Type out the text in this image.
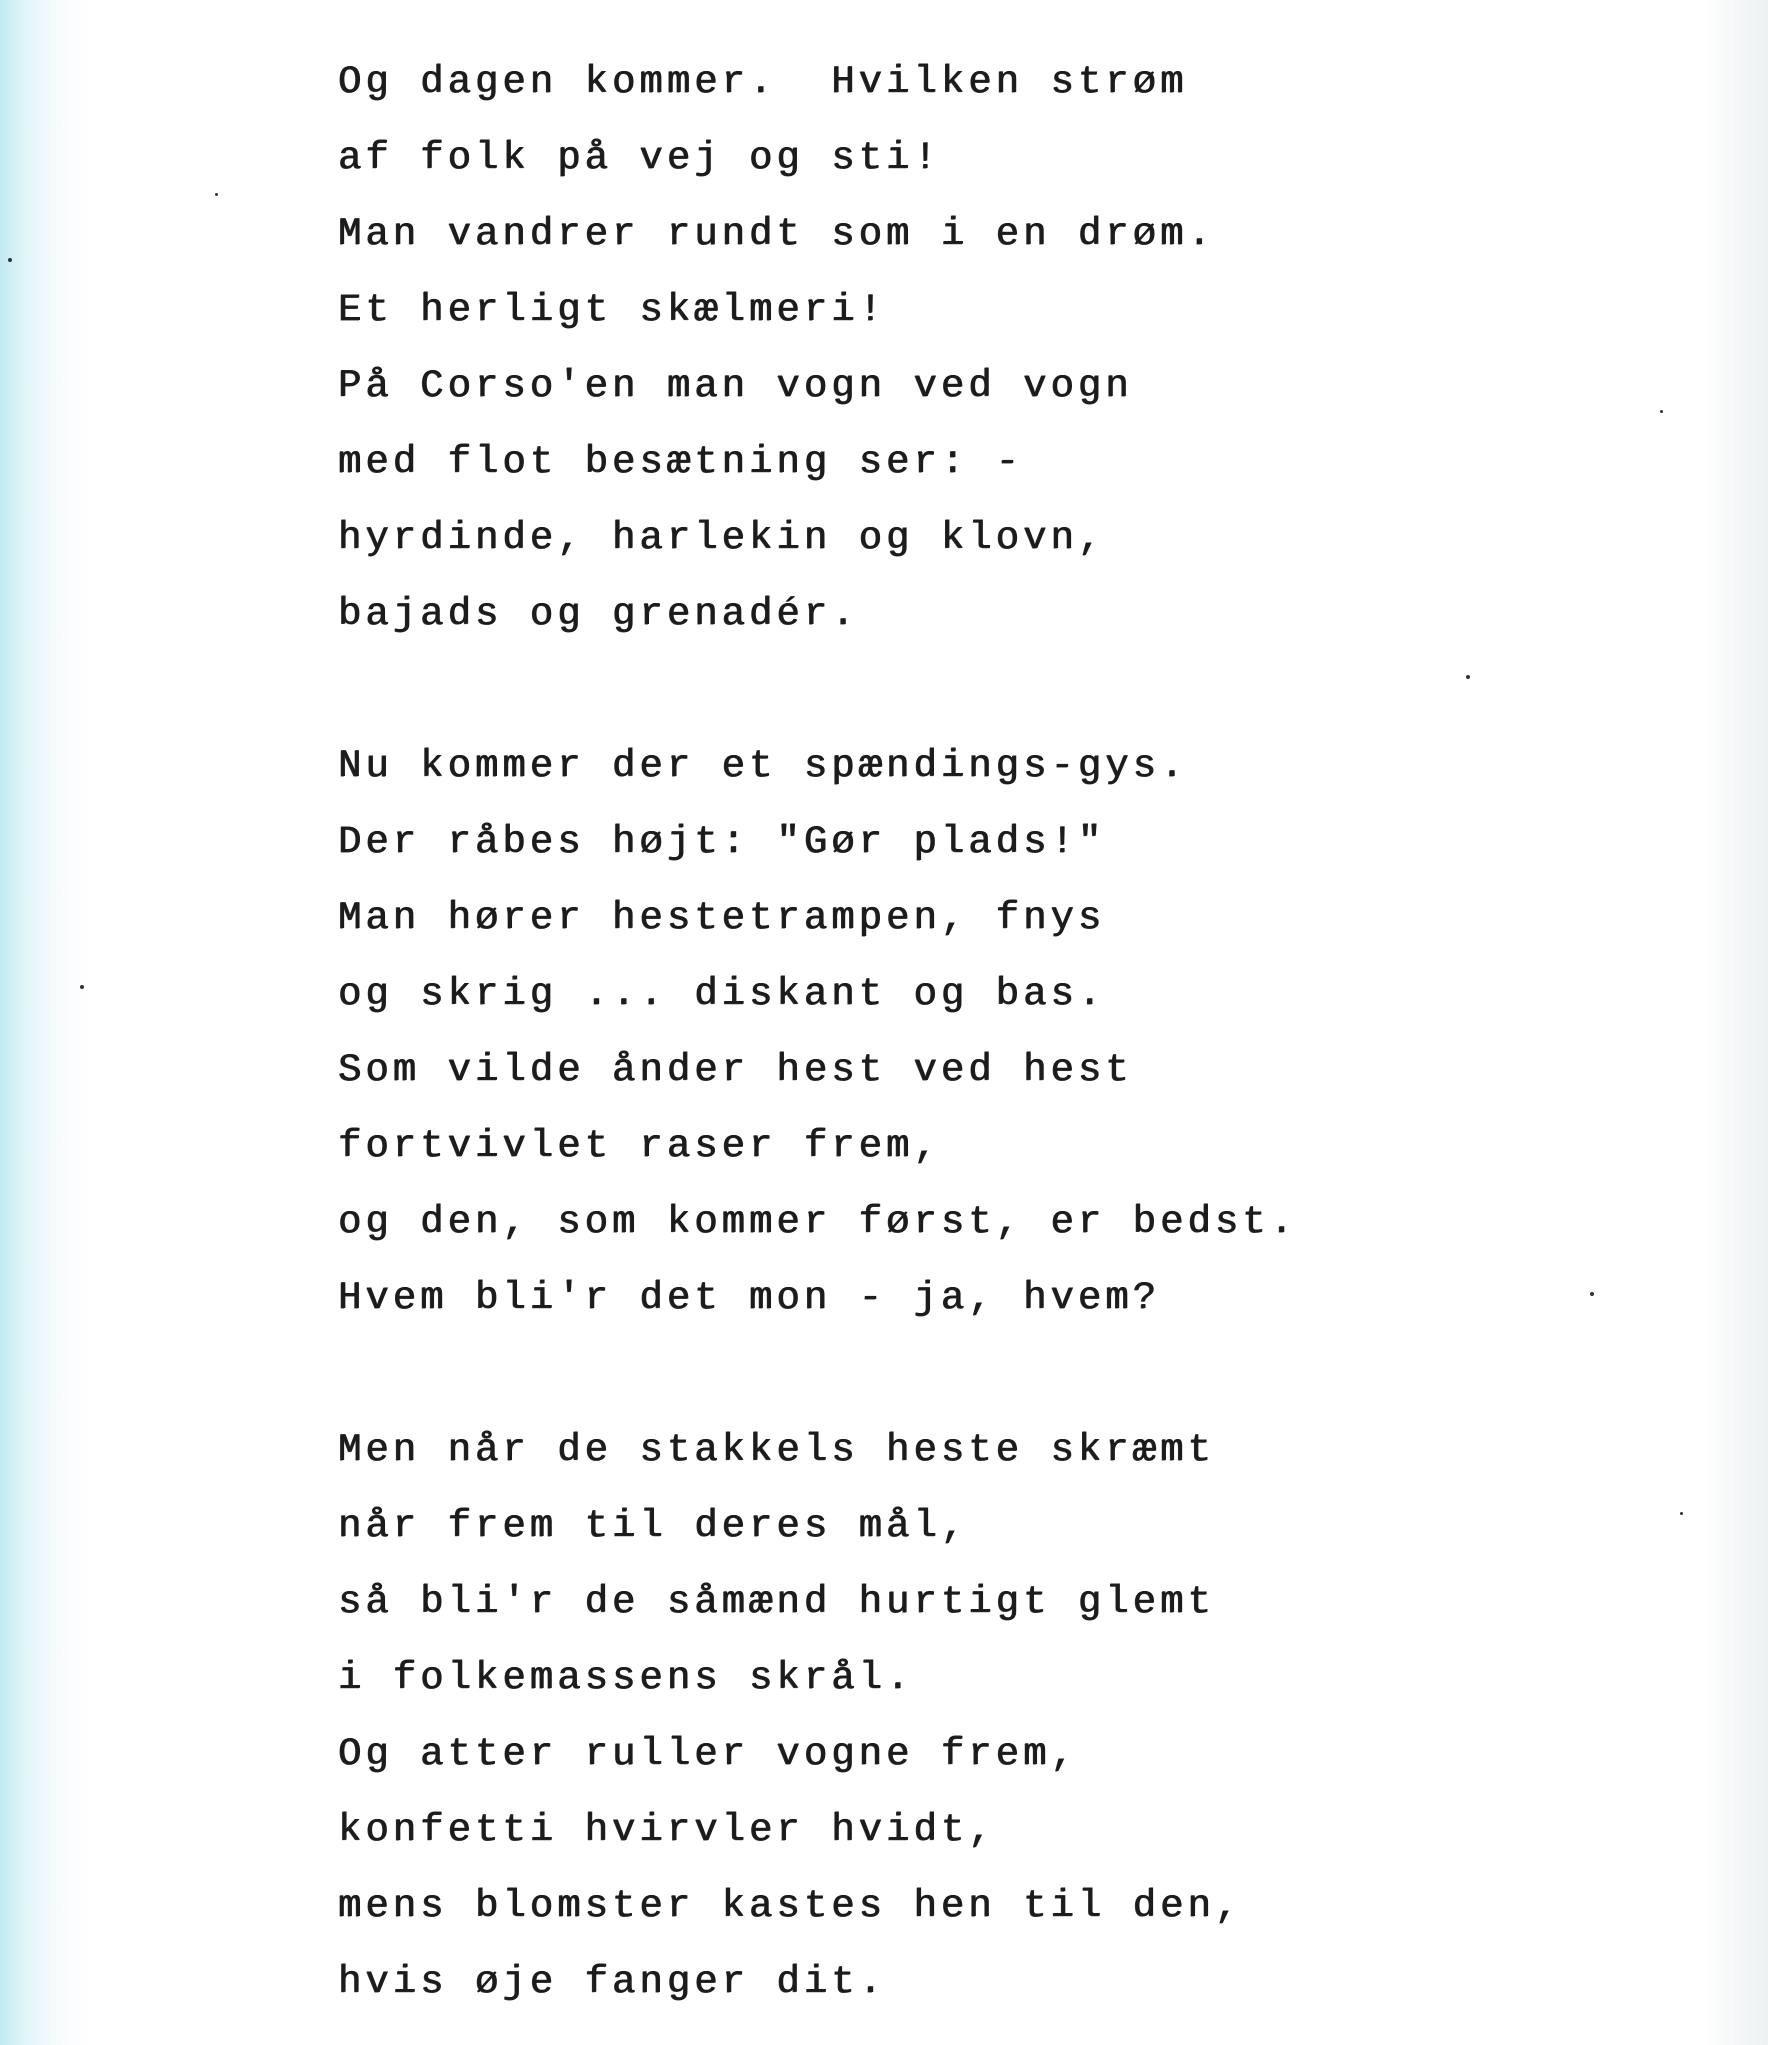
Og dagen kommer.  Hvilken strøm
af folk på vej og sti!
Man vandrer rundt som i en drøm.
Et herligt skælmeri!
På Corso'en man vogn ved vogn
med flot besætning ser: -
hyrdinde, harlekin og klovn,
bajads og grenadér.
Nu kommer der et spændings-gys.
Der råbes højt: "Gør plads!"
Man hører hestetrampen, fnys
og skrig ... diskant og bas.
Som vilde ånder hest ved hest
fortvivlet raser frem,
og den, som kommer først, er bedst.
Hvem bli'r det mon - ja, hvem?
Men når de stakkels heste skræmt
når frem til deres mål,
så bli'r de såmænd hurtigt glemt
i folkemassens skrål.
Og atter ruller vogne frem,
konfetti hvirvler hvidt,
mens blomster kastes hen til den,
hvis øje fanger dit.
